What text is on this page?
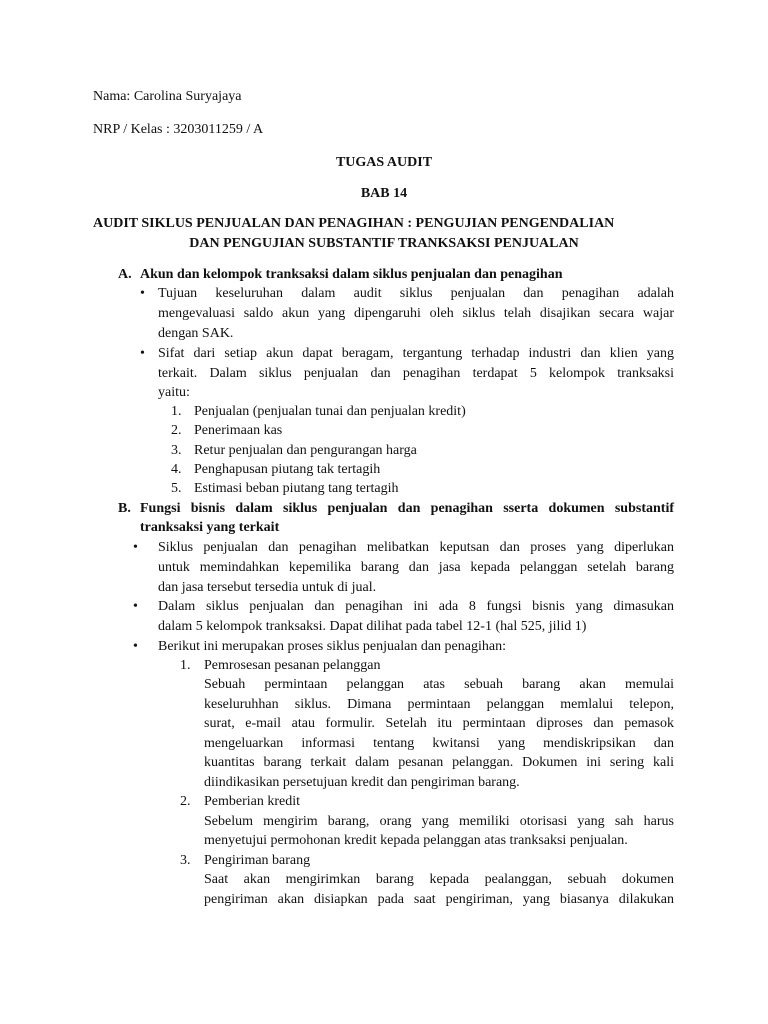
Nama: Carolina Suryajaya
NRP / Kelas : 3203011259 / A
TUGAS AUDIT
BAB 14
AUDIT SIKLUS PENJUALAN DAN PENAGIHAN : PENGUJIAN PENGENDALIAN
DAN PENGUJIAN SUBSTANTIF TRANKSAKSI PENJUALAN
A. Akun dan kelompok tranksaksi dalam siklus penjualan dan penagihan
• Tujuan keseluruhan dalam audit siklus penjualan dan penagihan adalah
mengevaluasi saldo akun yang dipengaruhi oleh siklus telah disajikan secara wajar
dengan SAK.
• Sifat dari setiap akun dapat beragam, tergantung terhadap industri dan klien yang
terkait. Dalam siklus penjualan dan penagihan terdapat 5 kelompok tranksaksi
yaitu:
1. Penjualan (penjualan tunai dan penjualan kredit)
2. Penerimaan kas
3. Retur penjualan dan pengurangan harga
4. Penghapusan piutang tak tertagih
5. Estimasi beban piutang tang tertagih
B. Fungsi bisnis dalam siklus penjualan dan penagihan sserta dokumen substantif
tranksaksi yang terkait
• Siklus penjualan dan penagihan melibatkan keputsan dan proses yang diperlukan
untuk memindahkan kepemilika barang dan jasa kepada pelanggan setelah barang
dan jasa tersebut tersedia untuk di jual.
• Dalam siklus penjualan dan penagihan ini ada 8 fungsi bisnis yang dimasukan
dalam 5 kelompok tranksaksi. Dapat dilihat pada tabel 12-1 (hal 525, jilid 1)
• Berikut ini merupakan proses siklus penjualan dan penagihan:
1. Pemrosesan pesanan pelanggan
Sebuah permintaan pelanggan atas sebuah barang akan memulai
keseluruhhan siklus. Dimana permintaan pelanggan memlalui telepon,
surat, e-mail atau formulir. Setelah itu permintaan diproses dan pemasok
mengeluarkan informasi tentang kwitansi yang mendiskripsikan dan
kuantitas barang terkait dalam pesanan pelanggan. Dokumen ini sering kali
diindikasikan persetujuan kredit dan pengiriman barang.
2. Pemberian kredit
Sebelum mengirim barang, orang yang memiliki otorisasi yang sah harus
menyetujui permohonan kredit kepada pelanggan atas tranksaksi penjualan.
3. Pengiriman barang
Saat akan mengirimkan barang kepada pealanggan, sebuah dokumen
pengiriman akan disiapkan pada saat pengiriman, yang biasanya dilakukan
